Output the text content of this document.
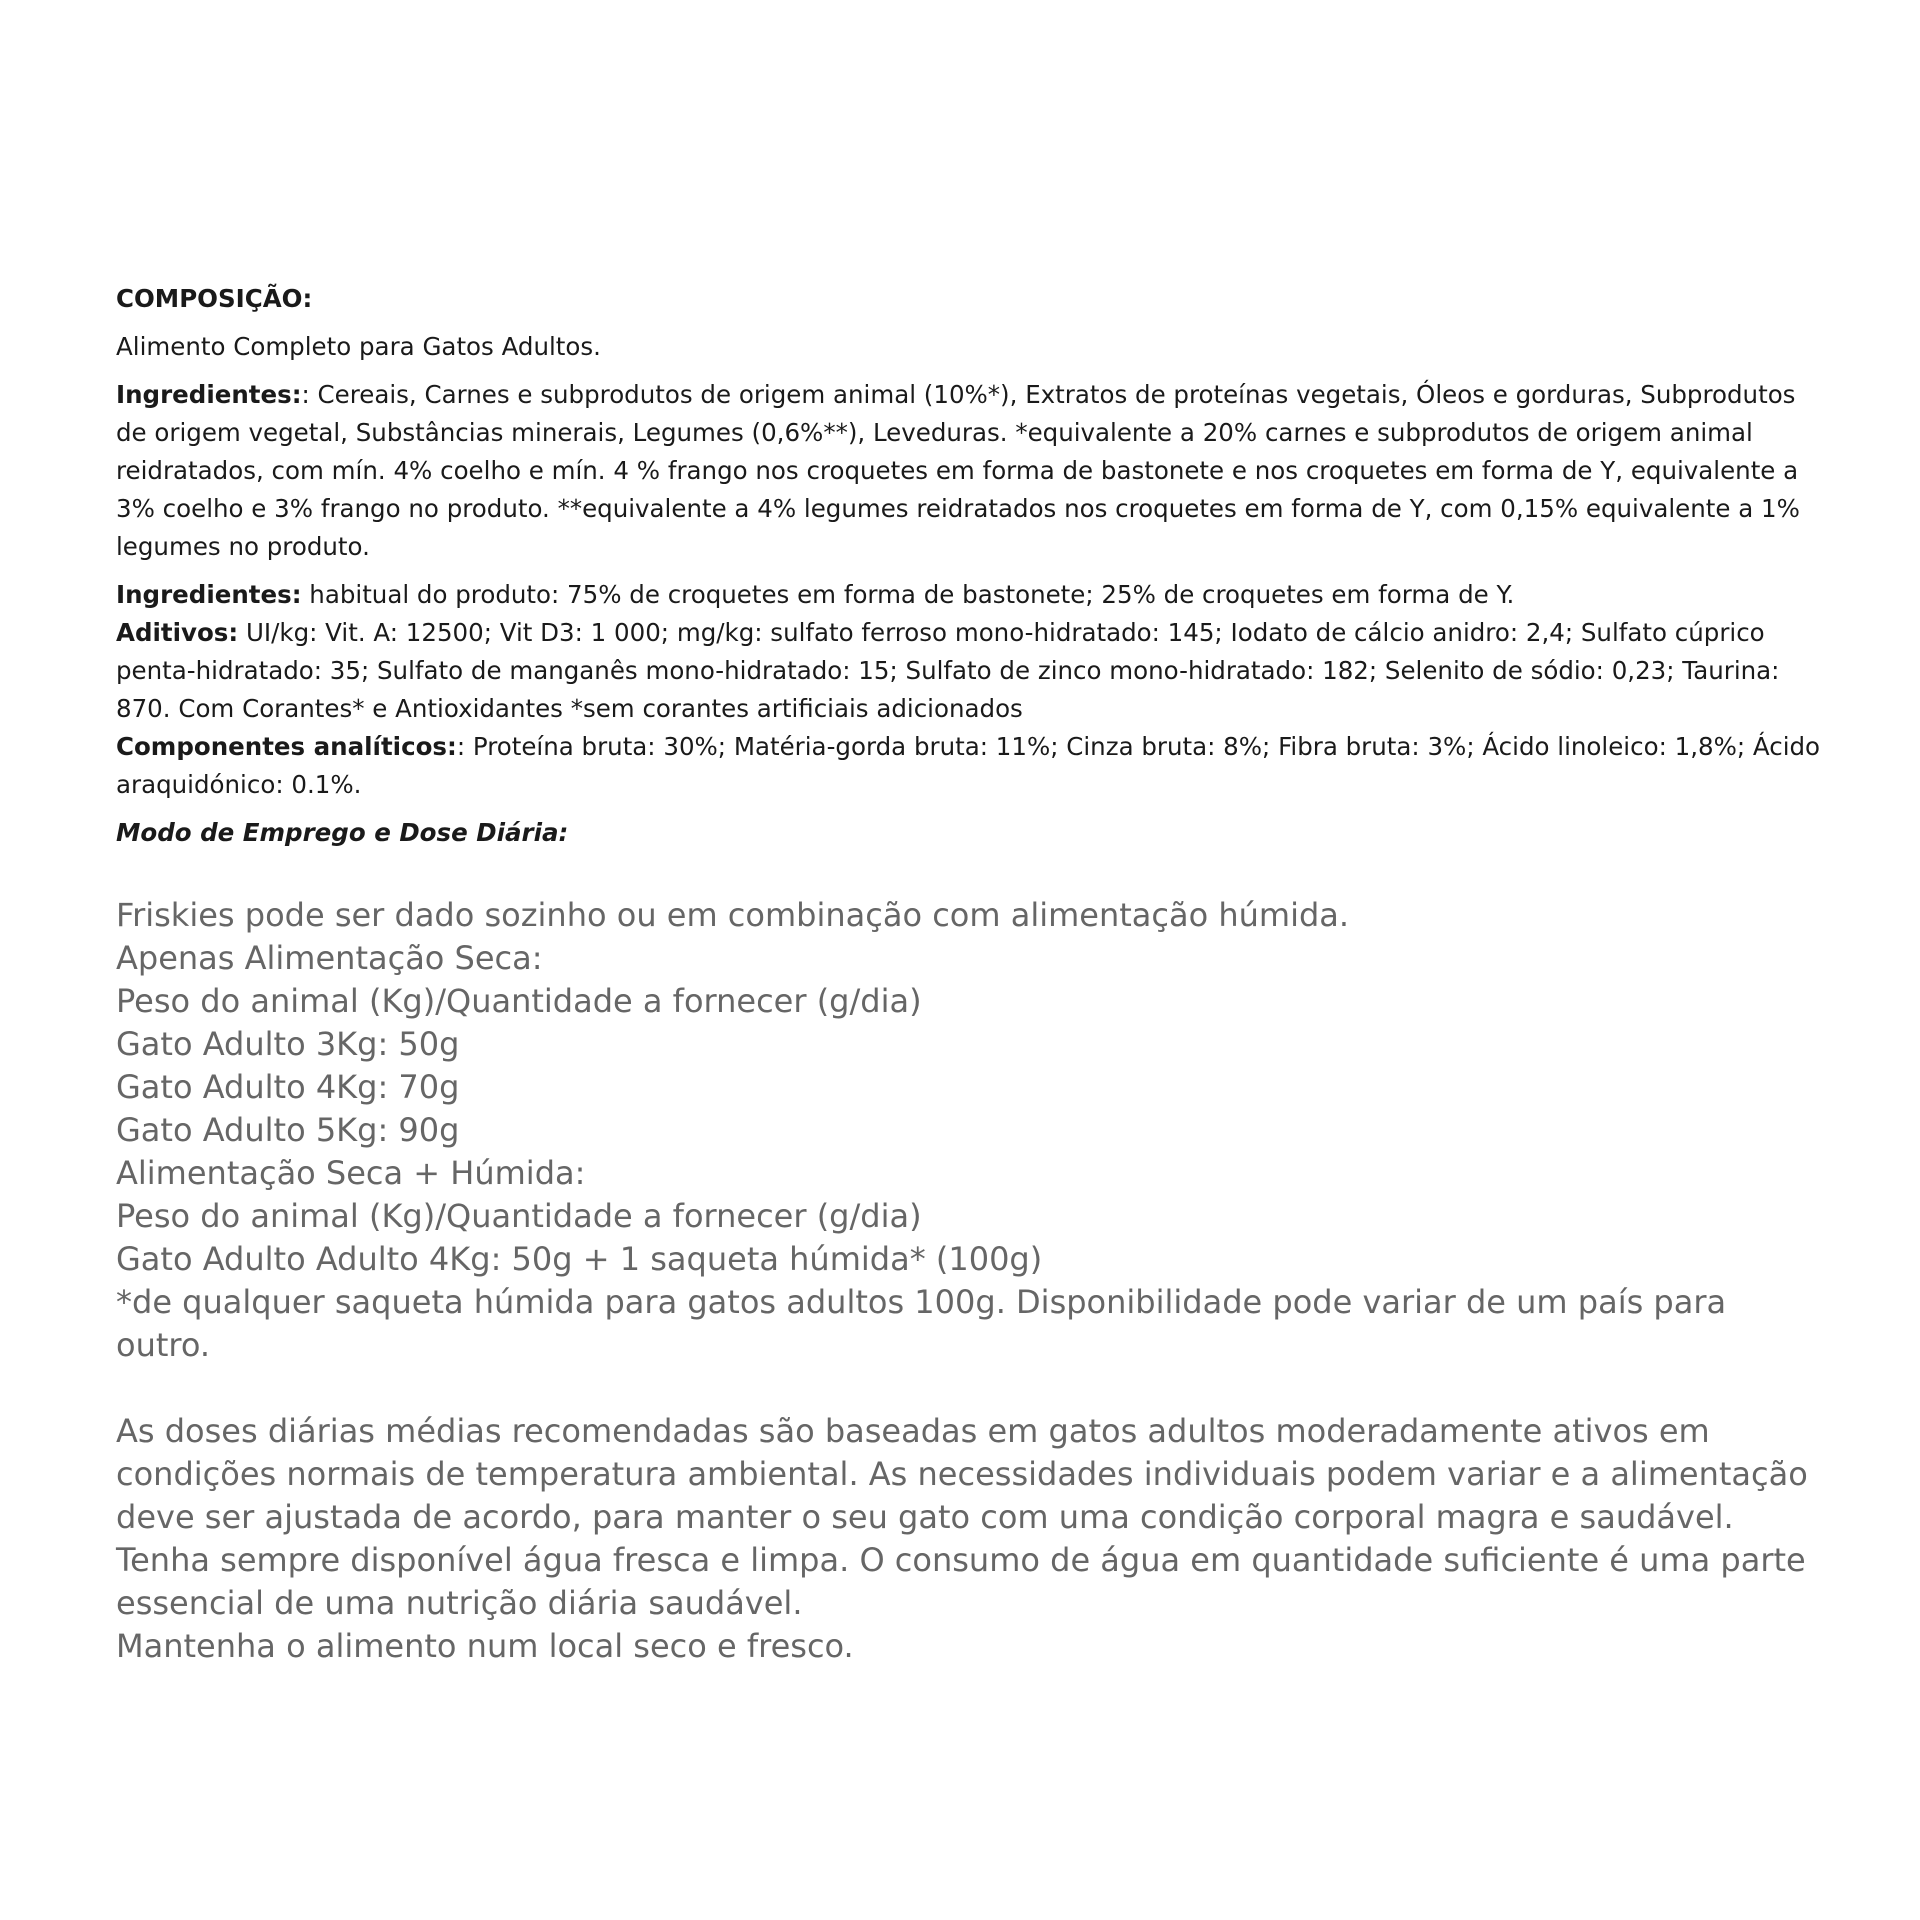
COMPOSIÇÃO:

Alimento Completo para Gatos Adultos.

Ingredientes:: Cereais, Carnes e subprodutos de origem animal (10%*), Extratos de proteínas vegetais, Óleos e gorduras, Subprodutos de origem vegetal, Substâncias minerais, Legumes (0,6%**), Leveduras. *equivalente a 20% carnes e subprodutos de origem animal reidratados, com mín. 4% coelho e mín. 4 % frango nos croquetes em forma de bastonete e nos croquetes em forma de Y, equivalente a 3% coelho e 3% frango no produto. **equivalente a 4% legumes reidratados nos croquetes em forma de Y, com 0,15% equivalente a 1% legumes no produto.

Ingredientes: habitual do produto: 75% de croquetes em forma de bastonete; 25% de croquetes em forma de Y.

Aditivos: UI/kg: Vit. A: 12500; Vit D3: 1 000; mg/kg: sulfato ferroso mono-hidratado: 145; Iodato de cálcio anidro: 2,4; Sulfato cúprico penta-hidratado: 35; Sulfato de manganês mono-hidratado: 15; Sulfato de zinco mono-hidratado: 182; Selenito de sódio: 0,23; Taurina: 870. Com Corantes* e Antioxidantes *sem corantes artificiais adicionados

Componentes analíticos:: Proteína bruta: 30%; Matéria-gorda bruta: 11%; Cinza bruta: 8%; Fibra bruta: 3%; Ácido linoleico: 1,8%; Ácido araquidónico: 0.1%.

Modo de Emprego e Dose Diária:

Friskies pode ser dado sozinho ou em combinação com alimentação húmida.
Apenas Alimentação Seca:
Peso do animal (Kg)/Quantidade a fornecer (g/dia)
Gato Adulto 3Kg: 50g
Gato Adulto 4Kg: 70g
Gato Adulto 5Kg: 90g
Alimentação Seca + Húmida:
Peso do animal (Kg)/Quantidade a fornecer (g/dia)
Gato Adulto Adulto 4Kg: 50g + 1 saqueta húmida* (100g)
*de qualquer saqueta húmida para gatos adultos 100g. Disponibilidade pode variar de um país para outro.
As doses diárias médias recomendadas são baseadas em gatos adultos moderadamente ativos em condições normais de temperatura ambiental. As necessidades individuais podem variar e a alimentação deve ser ajustada de acordo, para manter o seu gato com uma condição corporal magra e saudável. Tenha sempre disponível água fresca e limpa. O consumo de água em quantidade suficiente é uma parte essencial de uma nutrição diária saudável.
Mantenha o alimento num local seco e fresco.
